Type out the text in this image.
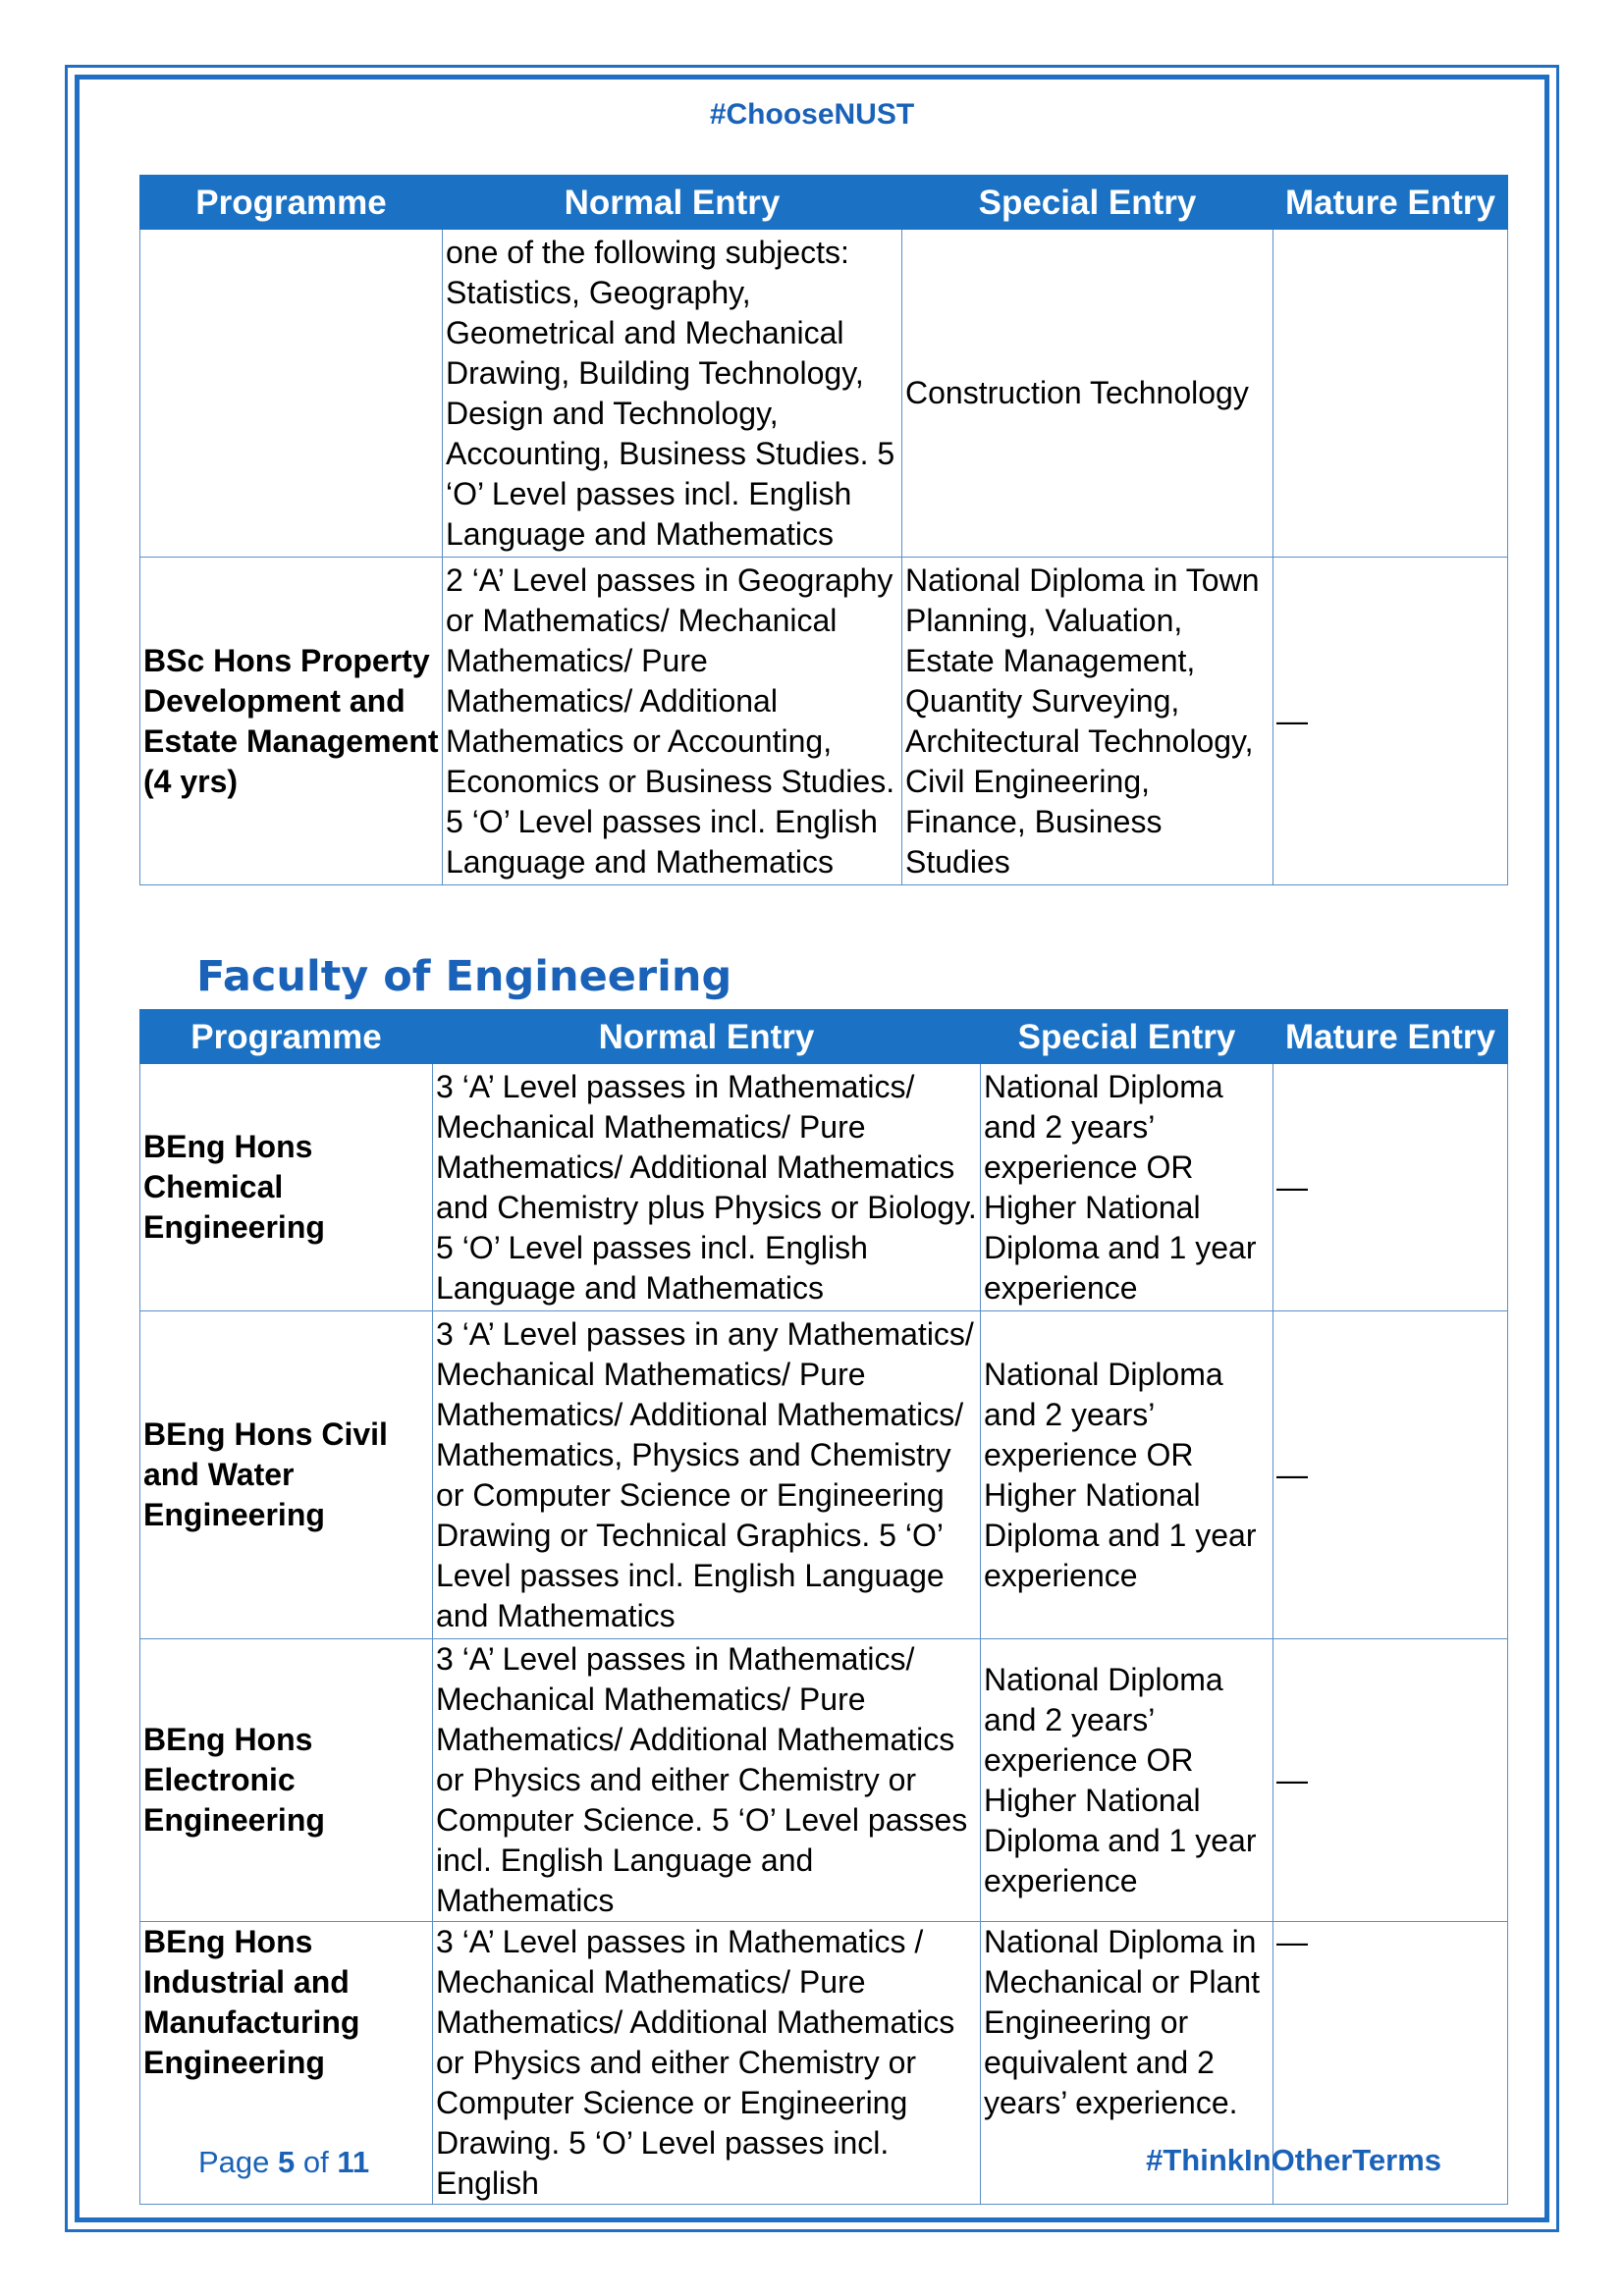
#ChooseNUST
Programme	Normal Entry	Special Entry	Mature Entry
	one of the following subjects: Statistics, Geography, Geometrical and Mechanical Drawing, Building Technology, Design and Technology, Accounting, Business Studies. 5 ‘O’ Level passes incl. English Language and Mathematics	Construction Technology	
BSc Hons Property Development and Estate Management (4 yrs)	2 ‘A’ Level passes in Geography or Mathematics/ Mechanical Mathematics/ Pure Mathematics/ Additional Mathematics or Accounting, Economics or Business Studies. 5 ‘O’ Level passes incl. English Language and Mathematics	National Diploma in Town Planning, Valuation, Estate Management, Quantity Surveying, Architectural Technology, Civil Engineering, Finance, Business Studies	—
Faculty of Engineering
Programme	Normal Entry	Special Entry	Mature Entry
BEng Hons Chemical Engineering	3 ‘A’ Level passes in Mathematics/ Mechanical Mathematics/ Pure Mathematics/ Additional Mathematics and Chemistry plus Physics or Biology. 5 ‘O’ Level passes incl. English Language and Mathematics	National Diploma and 2 years’ experience OR Higher National Diploma and 1 year experience	—
BEng Hons Civil and Water Engineering	3 ‘A’ Level passes in any Mathematics/ Mechanical Mathematics/ Pure Mathematics/ Additional Mathematics/ Mathematics, Physics and Chemistry or Computer Science or Engineering Drawing or Technical Graphics. 5 ‘O’ Level passes incl. English Language and Mathematics	National Diploma and 2 years’ experience OR Higher National Diploma and 1 year experience	—
BEng Hons Electronic Engineering	3 ‘A’ Level passes in Mathematics/ Mechanical Mathematics/ Pure Mathematics/ Additional Mathematics or Physics and either Chemistry or Computer Science. 5 ‘O’ Level passes incl. English Language and Mathematics	National Diploma and 2 years’ experience OR Higher National Diploma and 1 year experience	—
BEng Hons Industrial and Manufacturing Engineering	3 ‘A’ Level passes in Mathematics / Mechanical Mathematics/ Pure Mathematics/ Additional Mathematics or Physics and either Chemistry or Computer Science or Engineering Drawing. 5 ‘O’ Level passes incl. English	National Diploma in Mechanical or Plant Engineering or equivalent and 2 years’ experience.	—
Page 5 of 11	#ThinkInOtherTerms
